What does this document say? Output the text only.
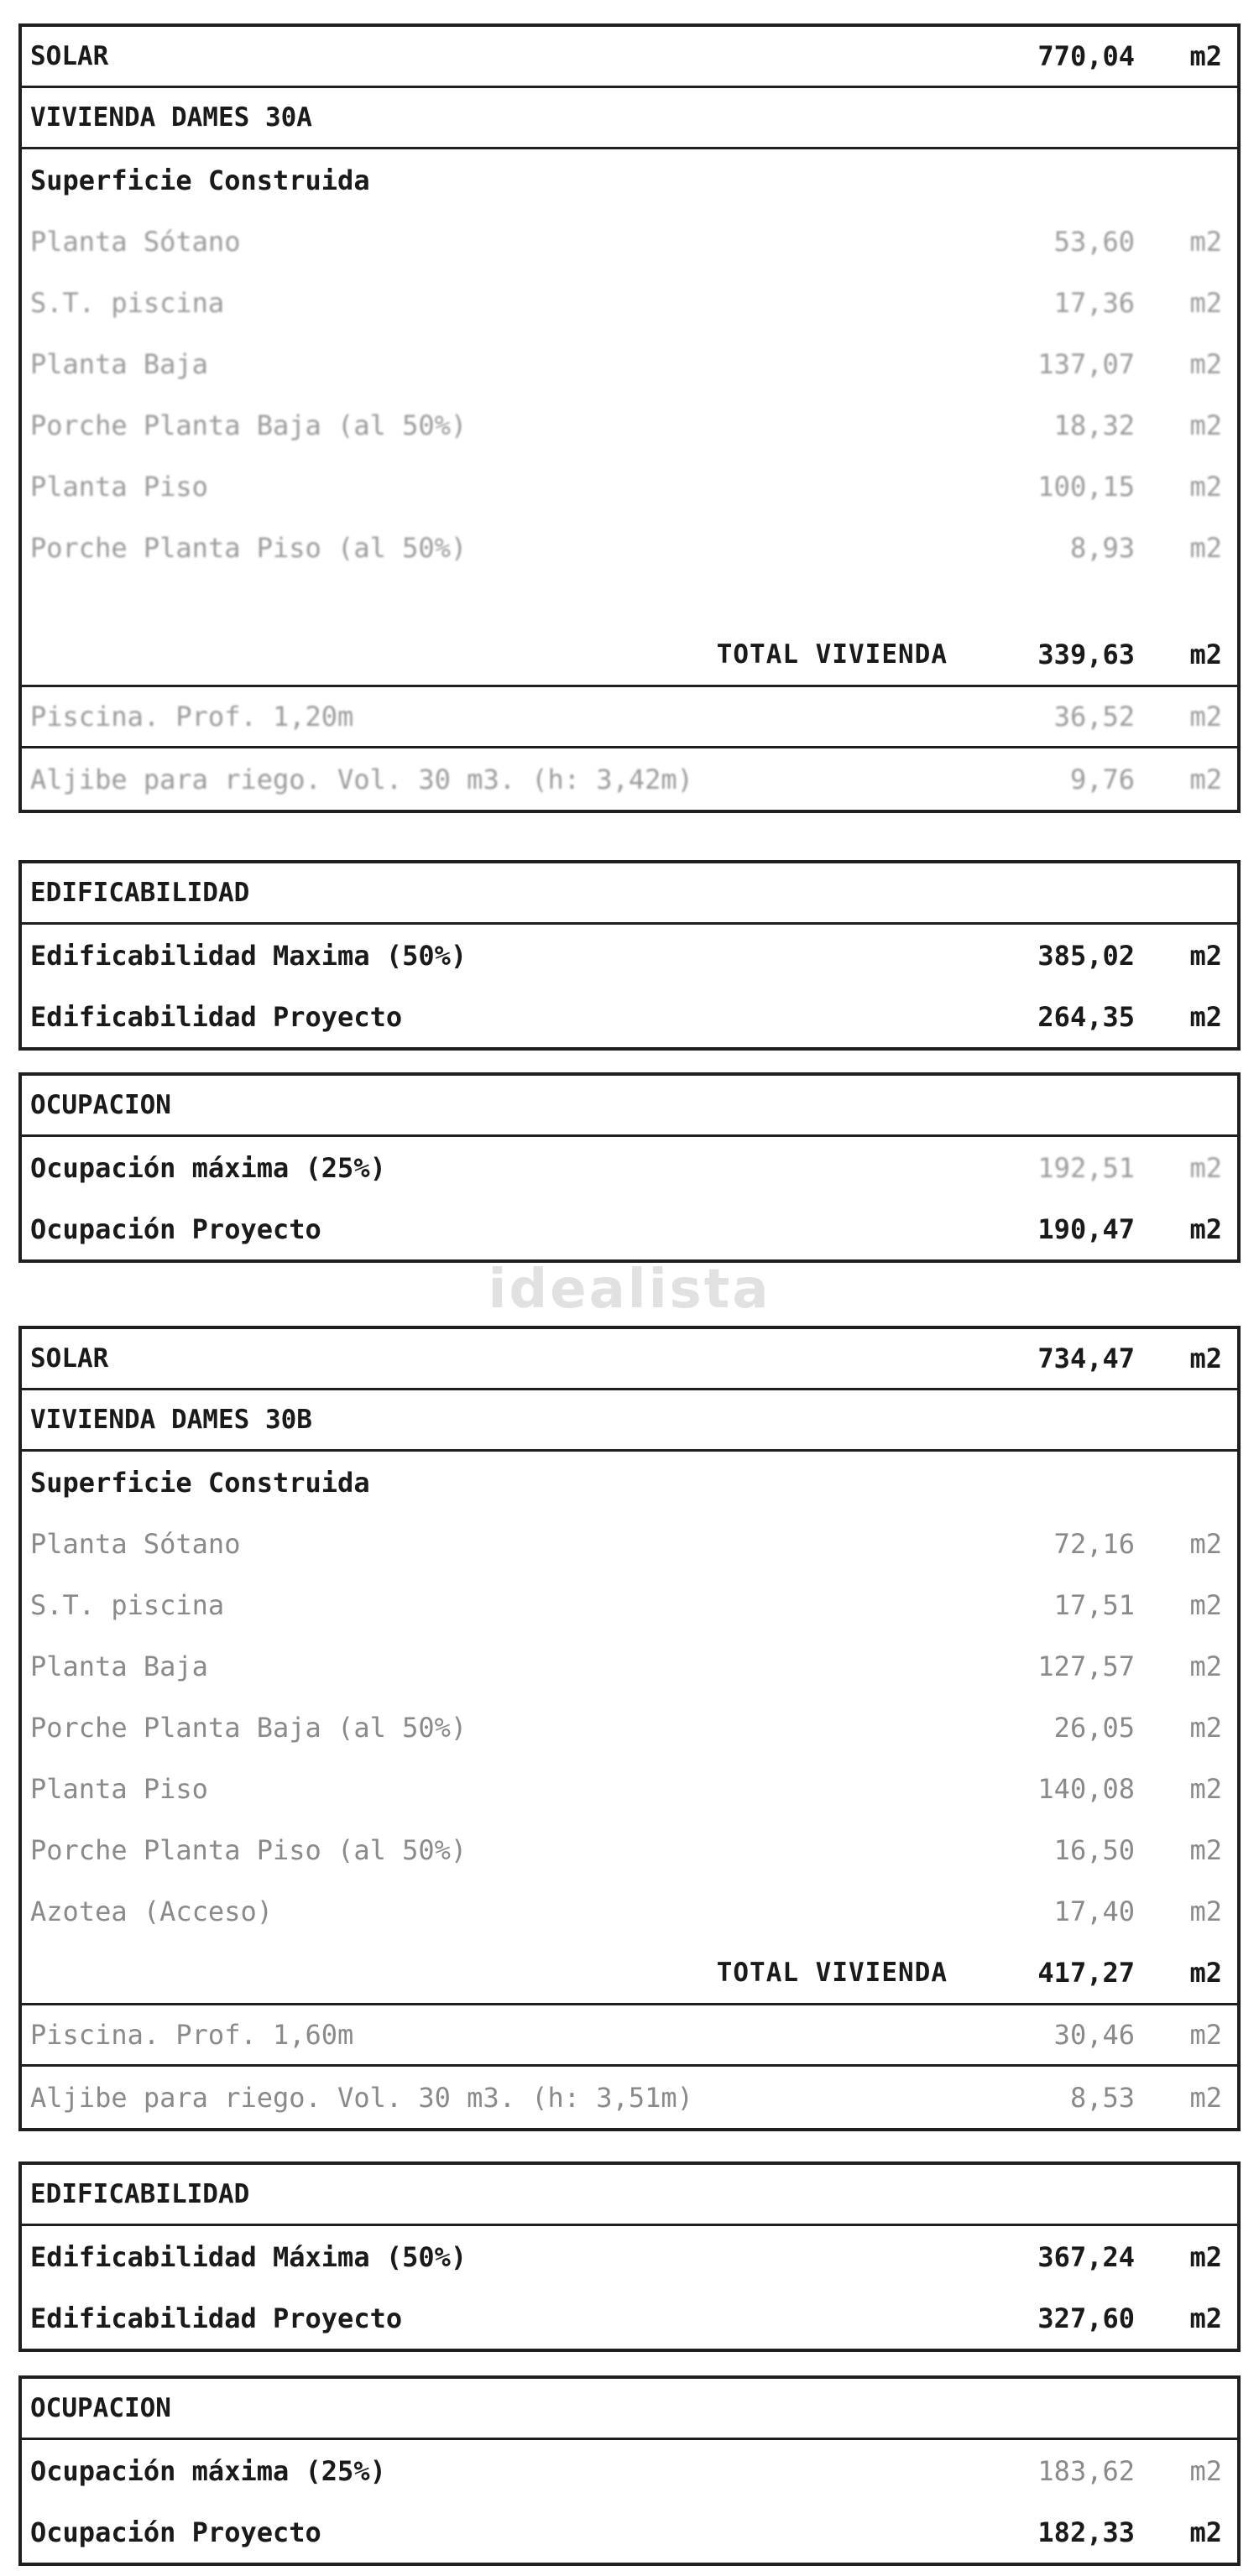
SOLAR	770,04 m2
VIVIENDA DAMES 30A
Superficie Construida
Planta Sótano	53,60 m2
S.T. piscina	17,36 m2
Planta Baja	137,07 m2
Porche Planta Baja (al 50%)	18,32 m2
Planta Piso	100,15 m2
Porche Planta Piso (al 50%)	8,93 m2
TOTAL VIVIENDA	339,63 m2
Piscina. Prof. 1,20m	36,52 m2
Aljibe para riego. Vol. 30 m3. (h: 3,42m)	9,76 m2
EDIFICABILIDAD
Edificabilidad Maxima (50%)	385,02 m2
Edificabilidad Proyecto	264,35 m2
OCUPACION
Ocupación máxima (25%)	192,51 m2
Ocupación Proyecto	190,47 m2
idealista
SOLAR	734,47 m2
VIVIENDA DAMES 30B
Superficie Construida
Planta Sótano	72,16 m2
S.T. piscina	17,51 m2
Planta Baja	127,57 m2
Porche Planta Baja (al 50%)	26,05 m2
Planta Piso	140,08 m2
Porche Planta Piso (al 50%)	16,50 m2
Azotea (Acceso)	17,40 m2
TOTAL VIVIENDA	417,27 m2
Piscina. Prof. 1,60m	30,46 m2
Aljibe para riego. Vol. 30 m3. (h: 3,51m)	8,53 m2
EDIFICABILIDAD
Edificabilidad Máxima (50%)	367,24 m2
Edificabilidad Proyecto	327,60 m2
OCUPACION
Ocupación máxima (25%)	183,62 m2
Ocupación Proyecto	182,33 m2
